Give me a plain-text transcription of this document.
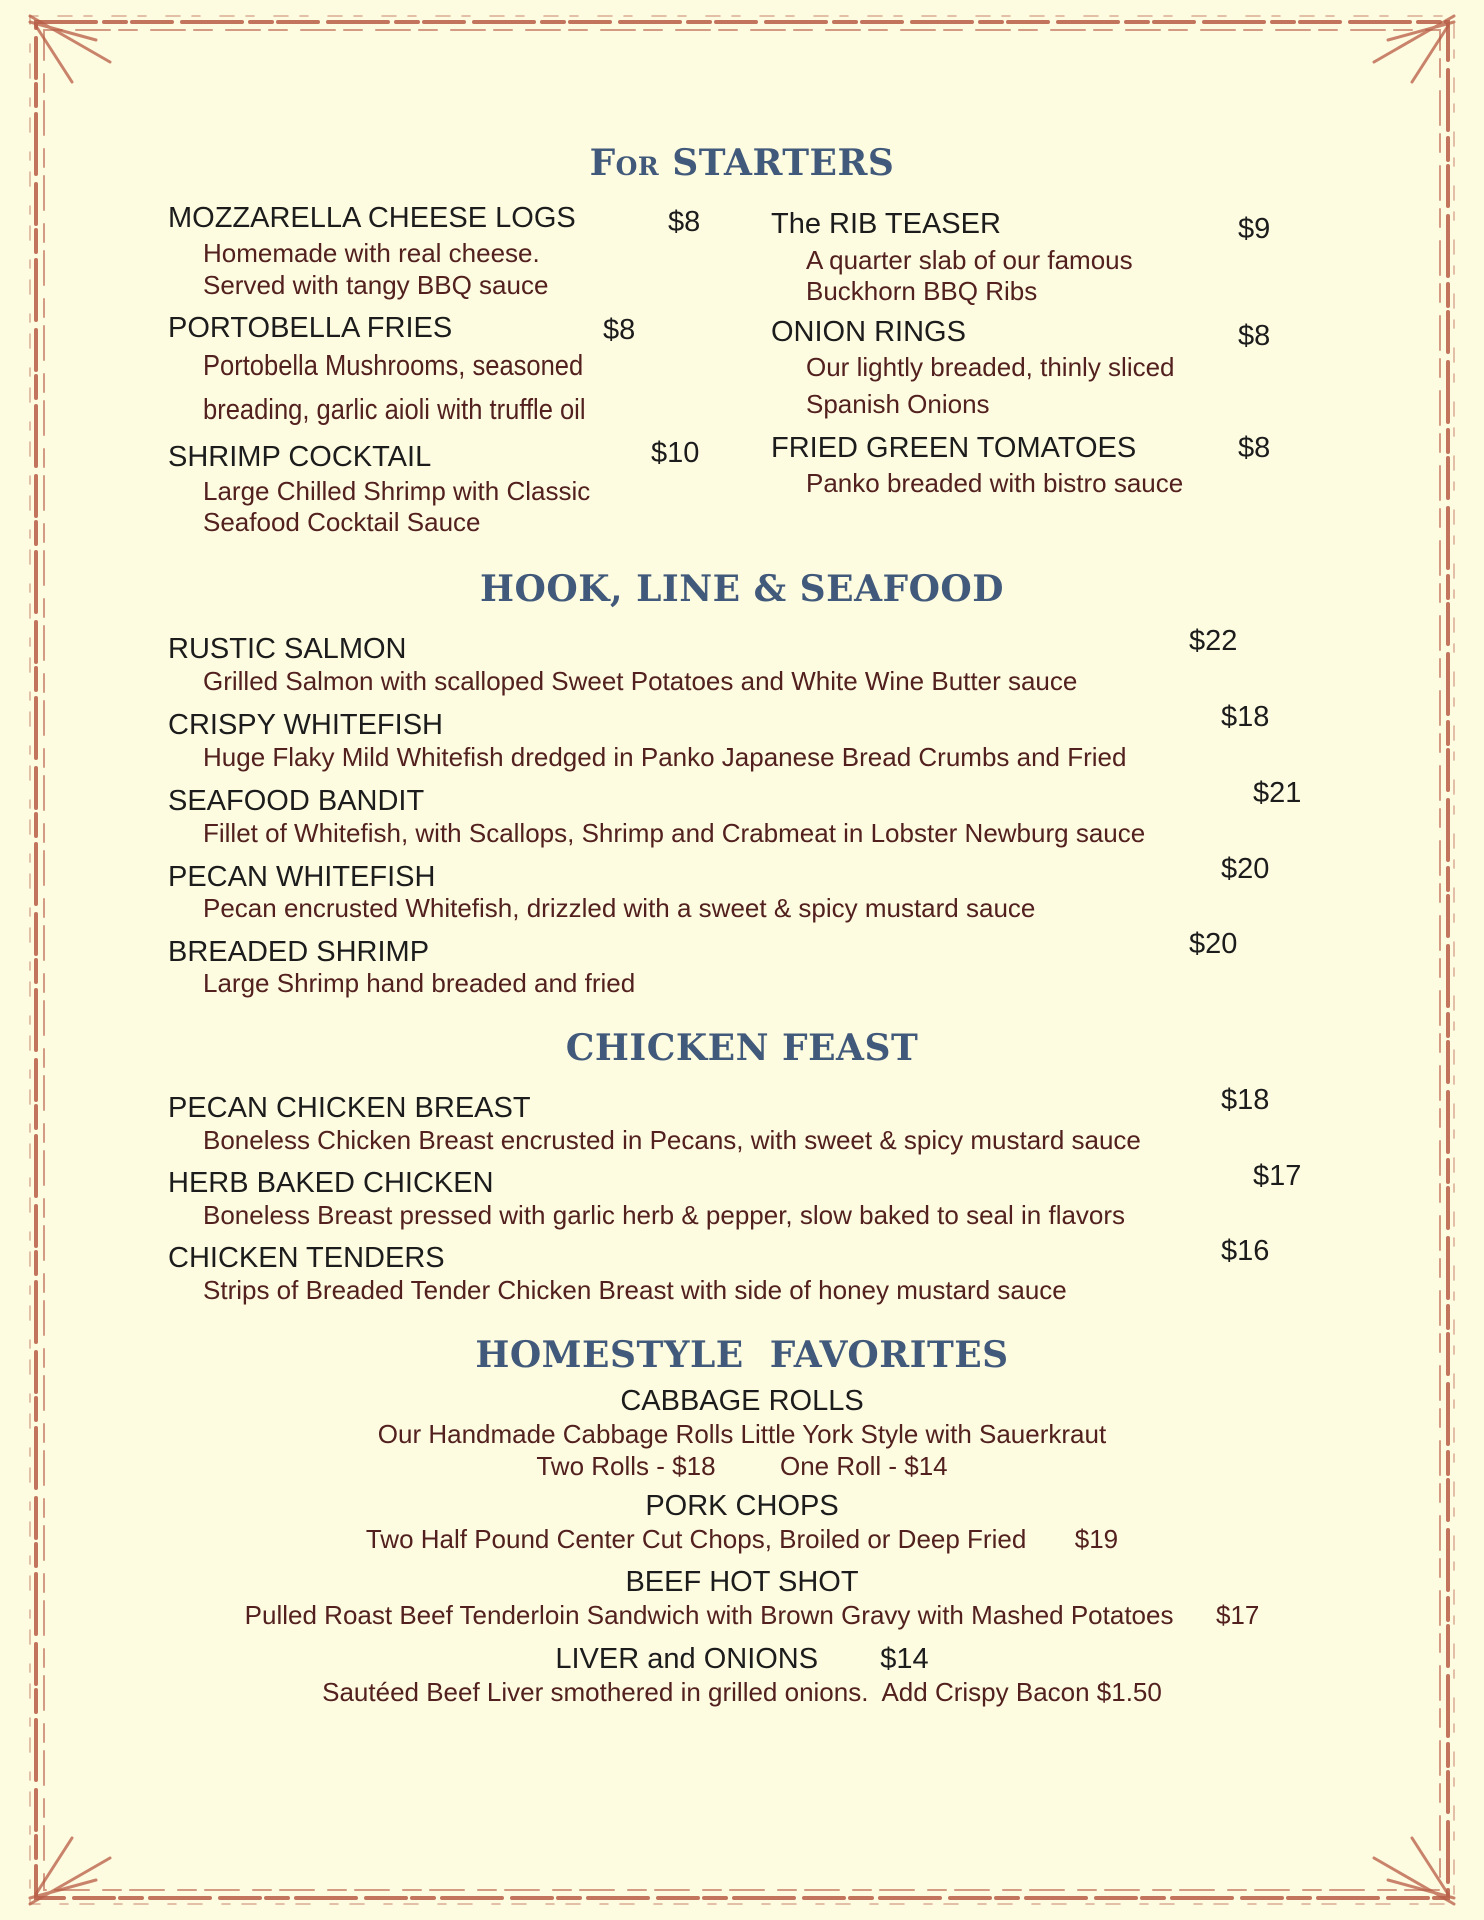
For STARTERS
MOZZARELLA CHEESE LOGS	$8
Homemade with real cheese.
Served with tangy BBQ sauce
PORTOBELLA FRIES	$8
Portobella Mushrooms, seasoned
breading, garlic aioli with truffle oil
SHRIMP COCKTAIL	$10
Large Chilled Shrimp with Classic
Seafood Cocktail Sauce
The RIB TEASER	$9
A quarter slab of our famous
Buckhorn BBQ Ribs
ONION RINGS	$8
Our lightly breaded, thinly sliced
Spanish Onions
FRIED GREEN TOMATOES	$8
Panko breaded with bistro sauce
HOOK, LINE & SEAFOOD
RUSTIC SALMON	$22
Grilled Salmon with scalloped Sweet Potatoes and White Wine Butter sauce
CRISPY WHITEFISH	$18
Huge Flaky Mild Whitefish dredged in Panko Japanese Bread Crumbs and Fried
SEAFOOD BANDIT	$21
Fillet of Whitefish, with Scallops, Shrimp and Crabmeat in Lobster Newburg sauce
PECAN WHITEFISH	$20
Pecan encrusted Whitefish, drizzled with a sweet & spicy mustard sauce
BREADED SHRIMP	$20
Large Shrimp hand breaded and fried
CHICKEN FEAST
PECAN CHICKEN BREAST	$18
Boneless Chicken Breast encrusted in Pecans, with sweet & spicy mustard sauce
HERB BAKED CHICKEN	$17
Boneless Breast pressed with garlic herb & pepper, slow baked to seal in flavors
CHICKEN TENDERS	$16
Strips of Breaded Tender Chicken Breast with side of honey mustard sauce
HOMESTYLE  FAVORITES
CABBAGE ROLLS
Our Handmade Cabbage Rolls Little York Style with Sauerkraut
Two Rolls - $18 One Roll - $14
PORK CHOPS
Two Half Pound Center Cut Chops, Broiled or Deep Fried $19
BEEF HOT SHOT
Pulled Roast Beef Tenderloin Sandwich with Brown Gravy with Mashed Potatoes $17
LIVER and ONIONS $14
Sautéed Beef Liver smothered in grilled onions.  Add Crispy Bacon $1.50
